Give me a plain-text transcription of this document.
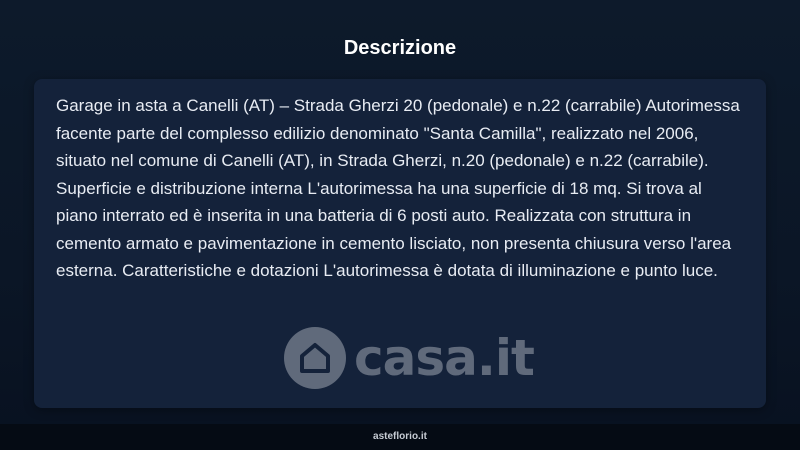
Descrizione

Garage in asta a Canelli (AT) – Strada Gherzi 20 (pedonale) e n.22 (carrabile) Autorimessa facente parte del complesso edilizio denominato "Santa Camilla", realizzato nel 2006, situato nel comune di Canelli (AT), in Strada Gherzi, n.20 (pedonale) e n.22 (carrabile). Superficie e distribuzione interna L'autorimessa ha una superficie di 18 mq. Si trova al piano interrato ed è inserita in una batteria di 6 posti auto. Realizzata con struttura in cemento armato e pavimentazione in cemento lisciato, non presenta chiusura verso l'area esterna. Caratteristiche e dotazioni L'autorimessa è dotata di illuminazione e punto luce.

casa.it
asteflorio.it
